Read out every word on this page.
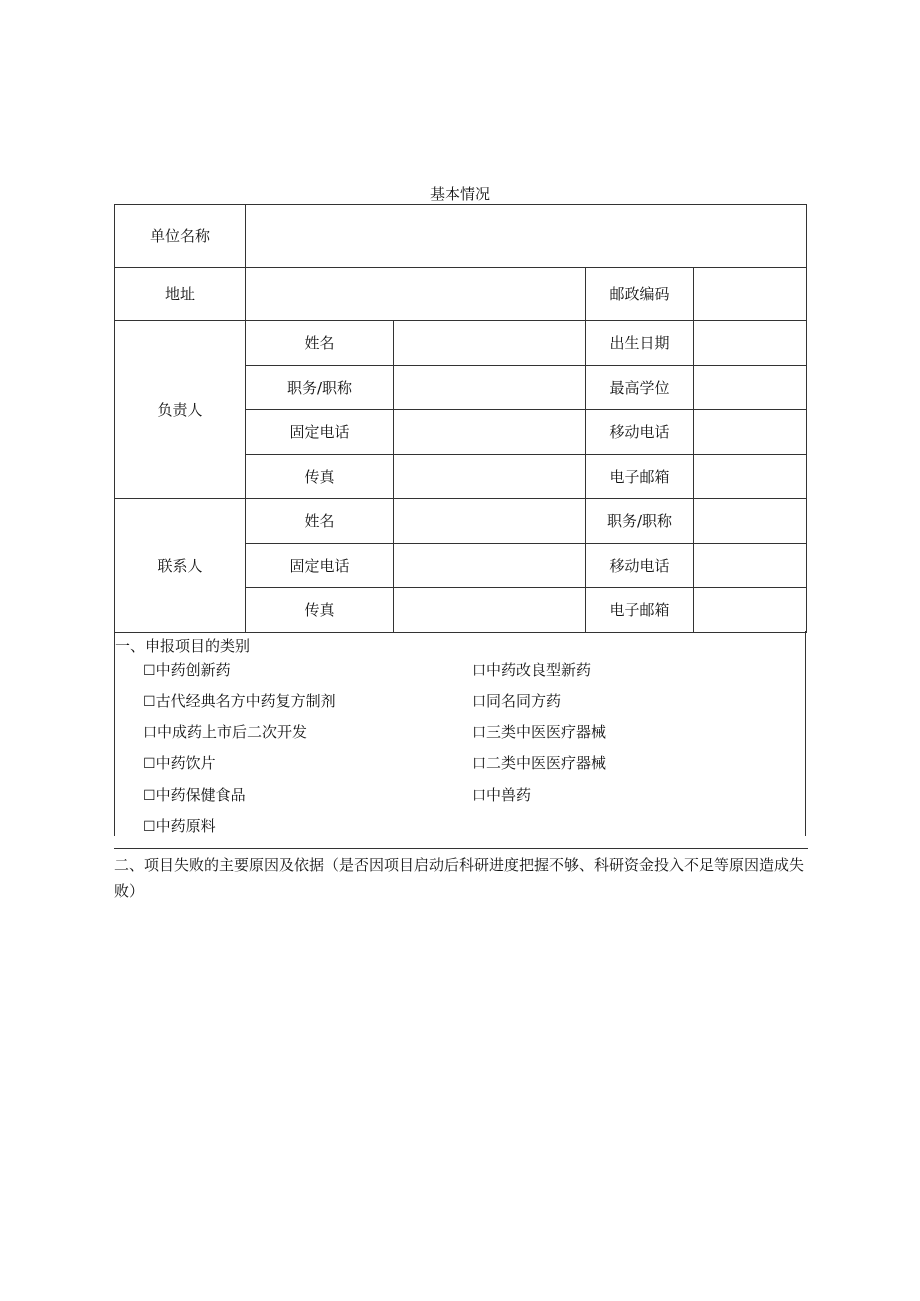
基本情况
单位名称				
地址			邮政编码	
负责人	姓名		出生日期	
	职务/职称		最高学位	
	固定电话		移动电话	
	传真		电子邮箱	
联系人	姓名		职务/职称	
	固定电话		移动电话	
	传真		电子邮箱	
一、申报项目的类别
☐中药创新药
☐古代经典名方中药复方制剂
口中成药上市后二次开发
☐中药饮片
☐中药保健食品
☐中药原料
口中药改良型新药
口同名同方药
口三类中医医疗器械
口二类中医医疗器械
口中兽药
二、项目失败的主要原因及依据（是否因项目启动后科研进度把握不够、科研资金投入不足等原因造成失败）
